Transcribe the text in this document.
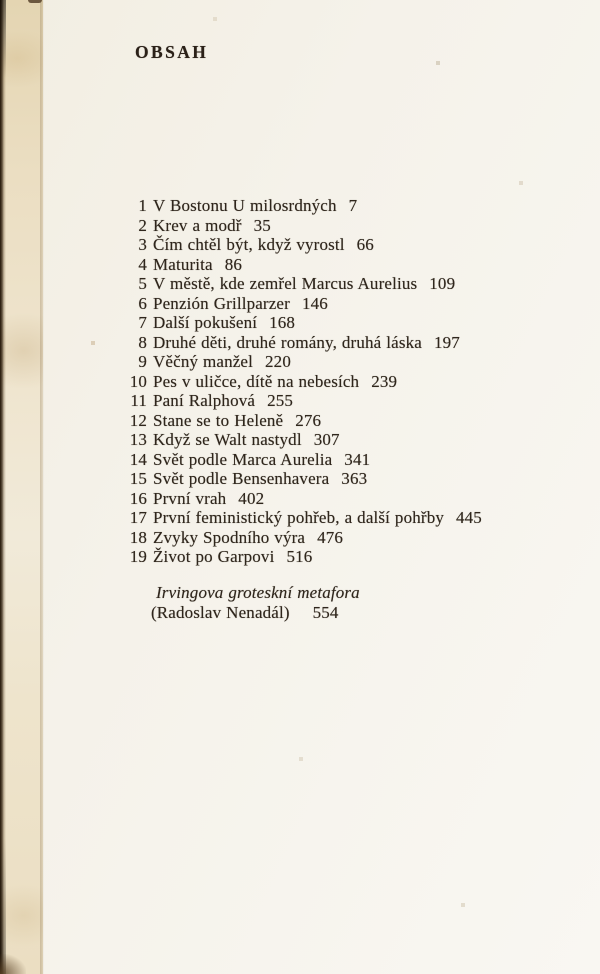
OBSAH
1 V Bostonu U milosrdných 7
2 Krev a modř 35
3 Čím chtěl být, když vyrostl 66
4 Maturita 86
5 V městě, kde zemřel Marcus Aurelius 109
6 Penzión Grillparzer 146
7 Další pokušení 168
8 Druhé děti, druhé romány, druhá láska 197
9 Věčný manžel 220
10 Pes v uličce, dítě na nebesích 239
11 Paní Ralphová 255
12 Stane se to Heleně 276
13 Když se Walt nastydl 307
14 Svět podle Marca Aurelia 341
15 Svět podle Bensenhavera 363
16 První vrah 402
17 První feministický pohřeb, a další pohřby 445
18 Zvyky Spodního výra 476
19 Život po Garpovi 516
Irvingova groteskní metafora
(Radoslav Nenadál) 554
